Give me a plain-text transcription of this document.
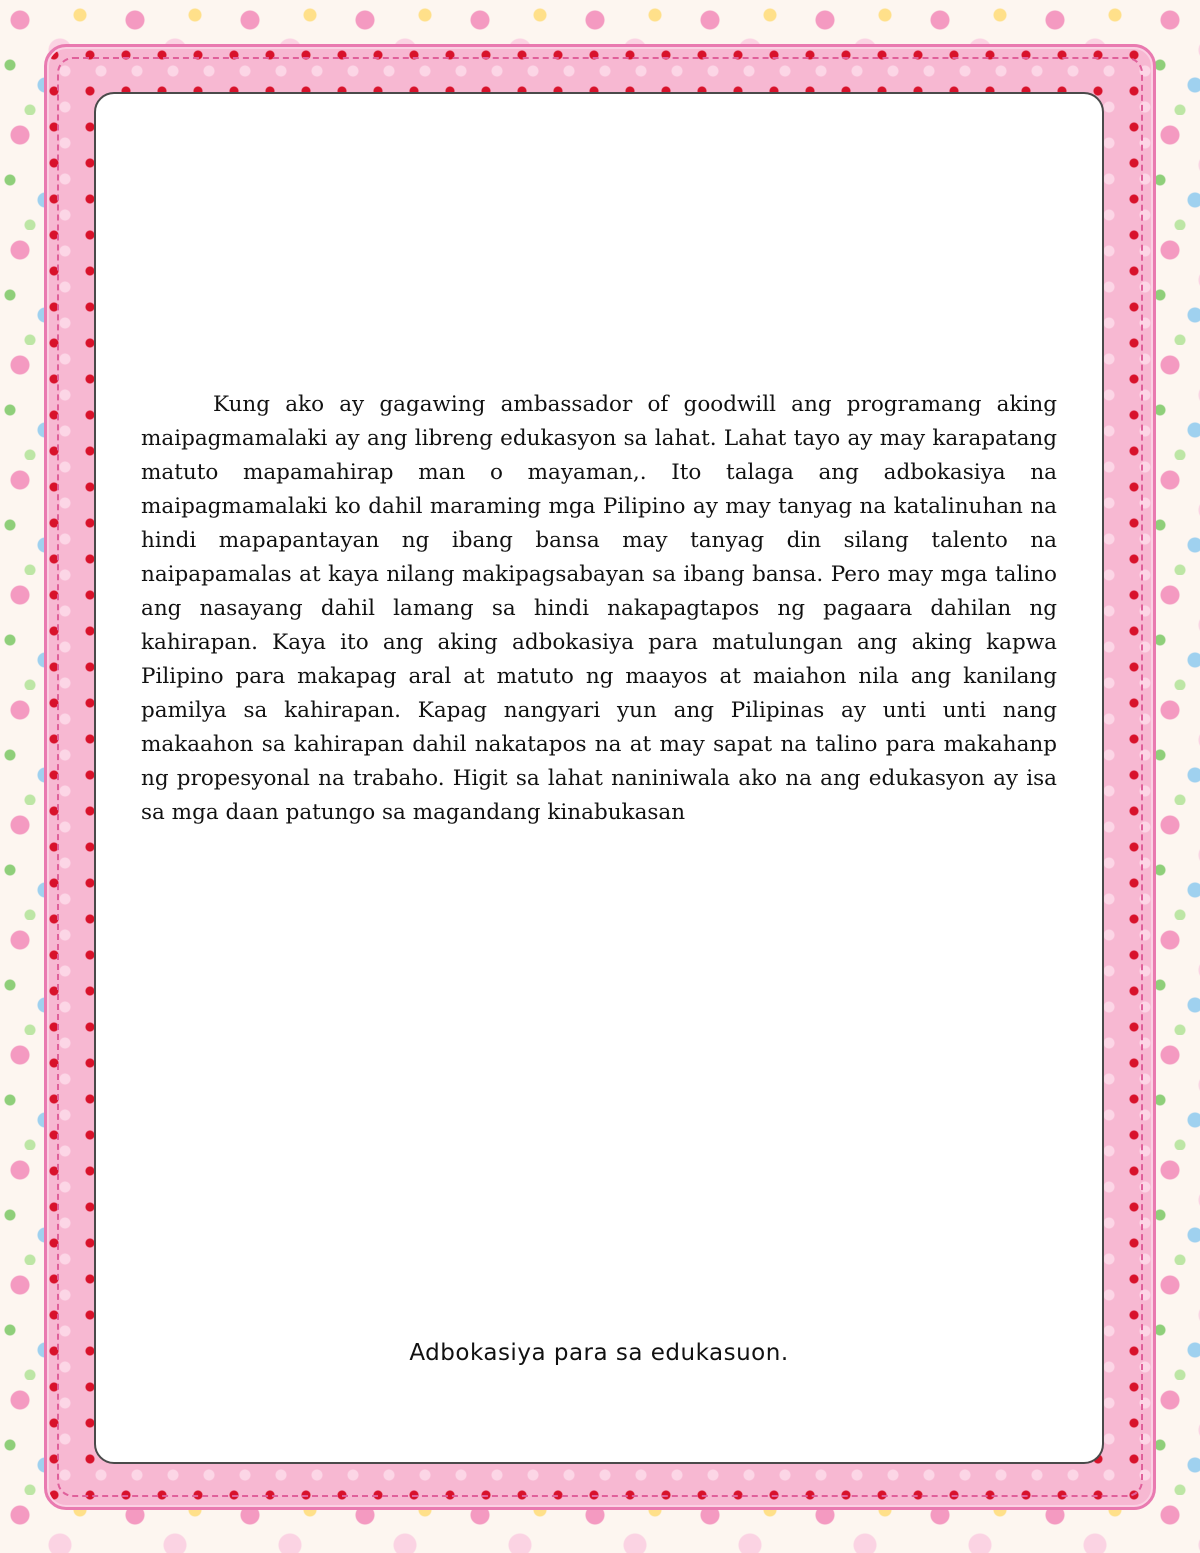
Kung ako ay gagawing ambassador of goodwill ang programang aking maipagmamalaki ay ang libreng edukasyon sa lahat. Lahat tayo ay may karapatang matuto mapamahirap man o mayaman,. Ito talaga ang adbokasiya na maipagmamalaki ko dahil maraming mga Pilipino ay may tanyag na katalinuhan na hindi mapapantayan ng ibang bansa may tanyag din silang talento na naipapamalas at kaya nilang makipagsabayan sa ibang bansa. Pero may mga talino ang nasayang dahil lamang sa hindi nakapagtapos ng pagaara dahilan ng kahirapan. Kaya ito ang aking adbokasiya para matulungan ang aking kapwa Pilipino para makapag aral at matuto ng maayos at maiahon nila ang kanilang pamilya sa kahirapan. Kapag nangyari yun ang Pilipinas ay unti unti nang makaahon sa kahirapan dahil nakatapos na at may sapat na talino para makahanp ng propesyonal na trabaho. Higit sa lahat naniniwala ako na ang edukasyon ay isa sa mga daan patungo sa magandang kinabukasan

Adbokasiya para sa edukasuon.
